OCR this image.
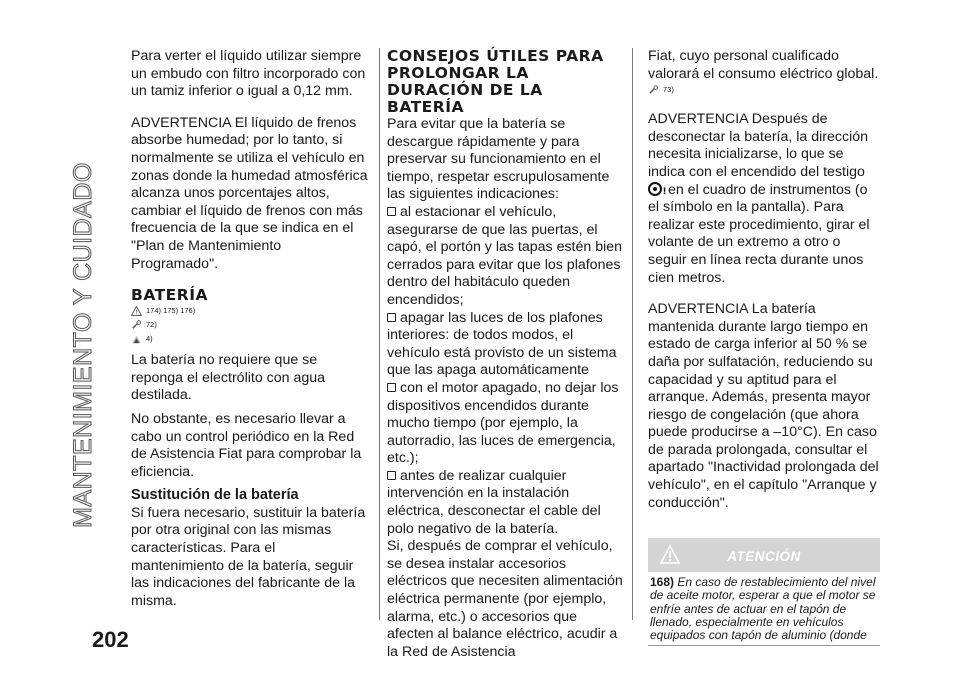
MANTENIMIENTO Y CUIDADO
202

Para verter el líquido utilizar siempre un embudo con filtro incorporado con un tamiz inferior o igual a 0,12 mm.

ADVERTENCIA El líquido de frenos absorbe humedad; por lo tanto, si normalmente se utiliza el vehículo en zonas donde la humedad atmosférica alcanza unos porcentajes altos, cambiar el líquido de frenos con más frecuencia de la que se indica en el "Plan de Mantenimiento Programado".

BATERÍA
! 174) 175) 176)
72)
4)

La batería no requiere que se reponga el electrólito con agua destilada.

No obstante, es necesario llevar a cabo un control periódico en la Red de Asistencia Fiat para comprobar la eficiencia.

Sustitución de la batería

Si fuera necesario, sustituir la batería por otra original con las mismas características. Para el mantenimiento de la batería, seguir las indicaciones del fabricante de la misma.

CONSEJOS ÚTILES PARA PROLONGAR LA DURACIÓN DE LA BATERÍA

Para evitar que la batería se descargue rápidamente y para preservar su funcionamiento en el tiempo, respetar escrupulosamente las siguientes indicaciones:

al estacionar el vehículo, asegurarse de que las puertas, el capó, el portón y las tapas estén bien cerrados para evitar que los plafones dentro del habitáculo queden encendidos;

apagar las luces de los plafones interiores: de todos modos, el vehículo está provisto de un sistema que las apaga automáticamente

con el motor apagado, no dejar los dispositivos encendidos durante mucho tiempo (por ejemplo, la autorradio, las luces de emergencia, etc.);

antes de realizar cualquier intervención en la instalación eléctrica, desconectar el cable del polo negativo de la batería.

Si, después de comprar el vehículo, se desea instalar accesorios eléctricos que necesiten alimentación eléctrica permanente (por ejemplo, alarma, etc.) o accesorios que afecten al balance eléctrico, acudir a la Red de Asistencia

Fiat, cuyo personal cualificado valorará el consumo eléctrico global.

73)

ADVERTENCIA Después de desconectar la batería, la dirección necesita inicializarse, lo que se indica con el encendido del testigo
! en el cuadro de instrumentos (o el símbolo en la pantalla). Para realizar este procedimiento, girar el volante de un extremo a otro o seguir en línea recta durante unos cien metros.

ADVERTENCIA La batería mantenida durante largo tiempo en estado de carga inferior al 50 % se daña por sulfatación, reduciendo su capacidad y su aptitud para el arranque. Además, presenta mayor riesgo de congelación (que ahora puede producirse a –10°C). En caso de parada prolongada, consultar el apartado "Inactividad prolongada del vehículo", en el capítulo "Arranque y conducción".

ATENCIÓN
168) En caso de restablecimiento del nivel de aceite motor, esperar a que el motor se enfríe antes de actuar en el tapón de llenado, especialmente en vehículos equipados con tapón de aluminio (donde
